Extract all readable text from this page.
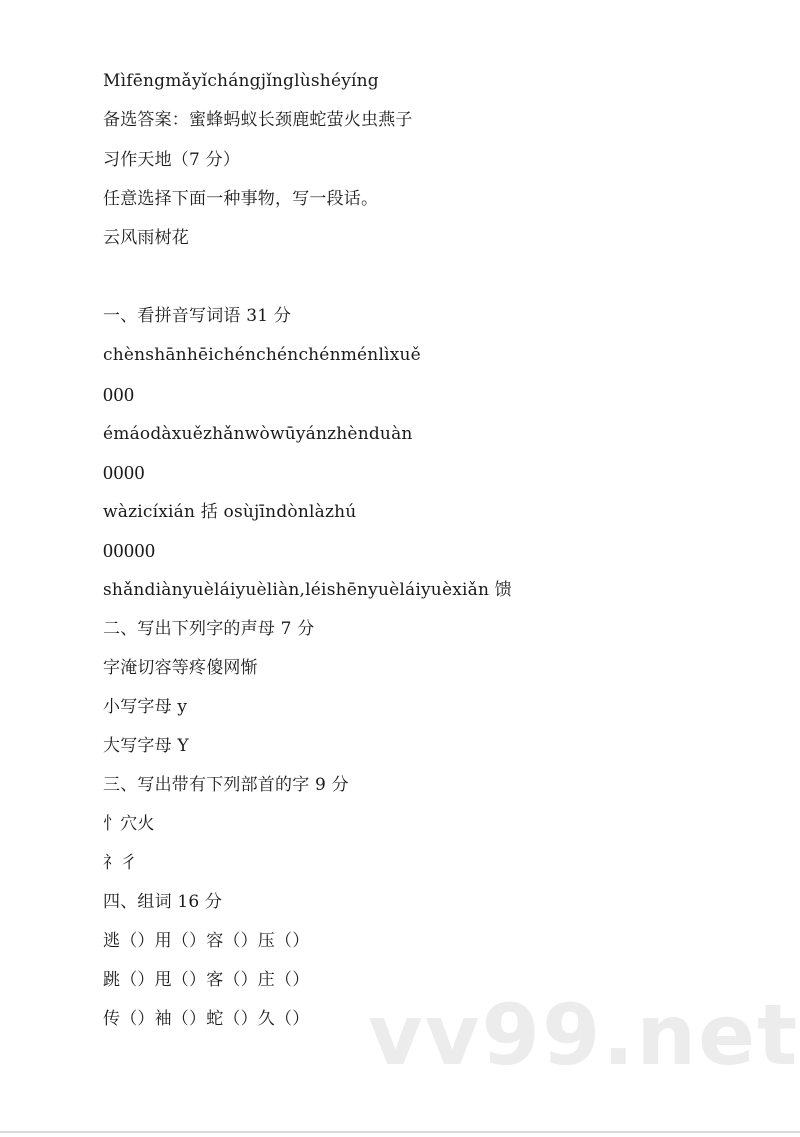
Mìfēngmǎyǐchángjǐnglùshéyíng
备选答案：蜜蜂蚂蚁长颈鹿蛇萤火虫燕子
习作天地（7 分）
任意选择下面一种事物，写一段话。
云风雨树花
一、看拼音写词语 31 分
chènshānhēichénchénchénménlìxuě
000
émáodàxuězhǎnwòwūyánzhènduàn
0000
wàzicíxián 括 osùjīndònlàzhú
00000
shǎndiànyuèláiyuèliàn,léishēnyuèláiyuèxiǎn 馈
二、写出下列字的声母 7 分
字淹切容等疼傻网惭
小写字母 y
大写字母 Y
三、写出带有下列部首的字 9 分
忄穴火
礻彳
四、组词 16 分
逃（）用（）容（）压（）
跳（）甩（）客（）庄（）
传（）袖（）蛇（）久（） vv99.net
